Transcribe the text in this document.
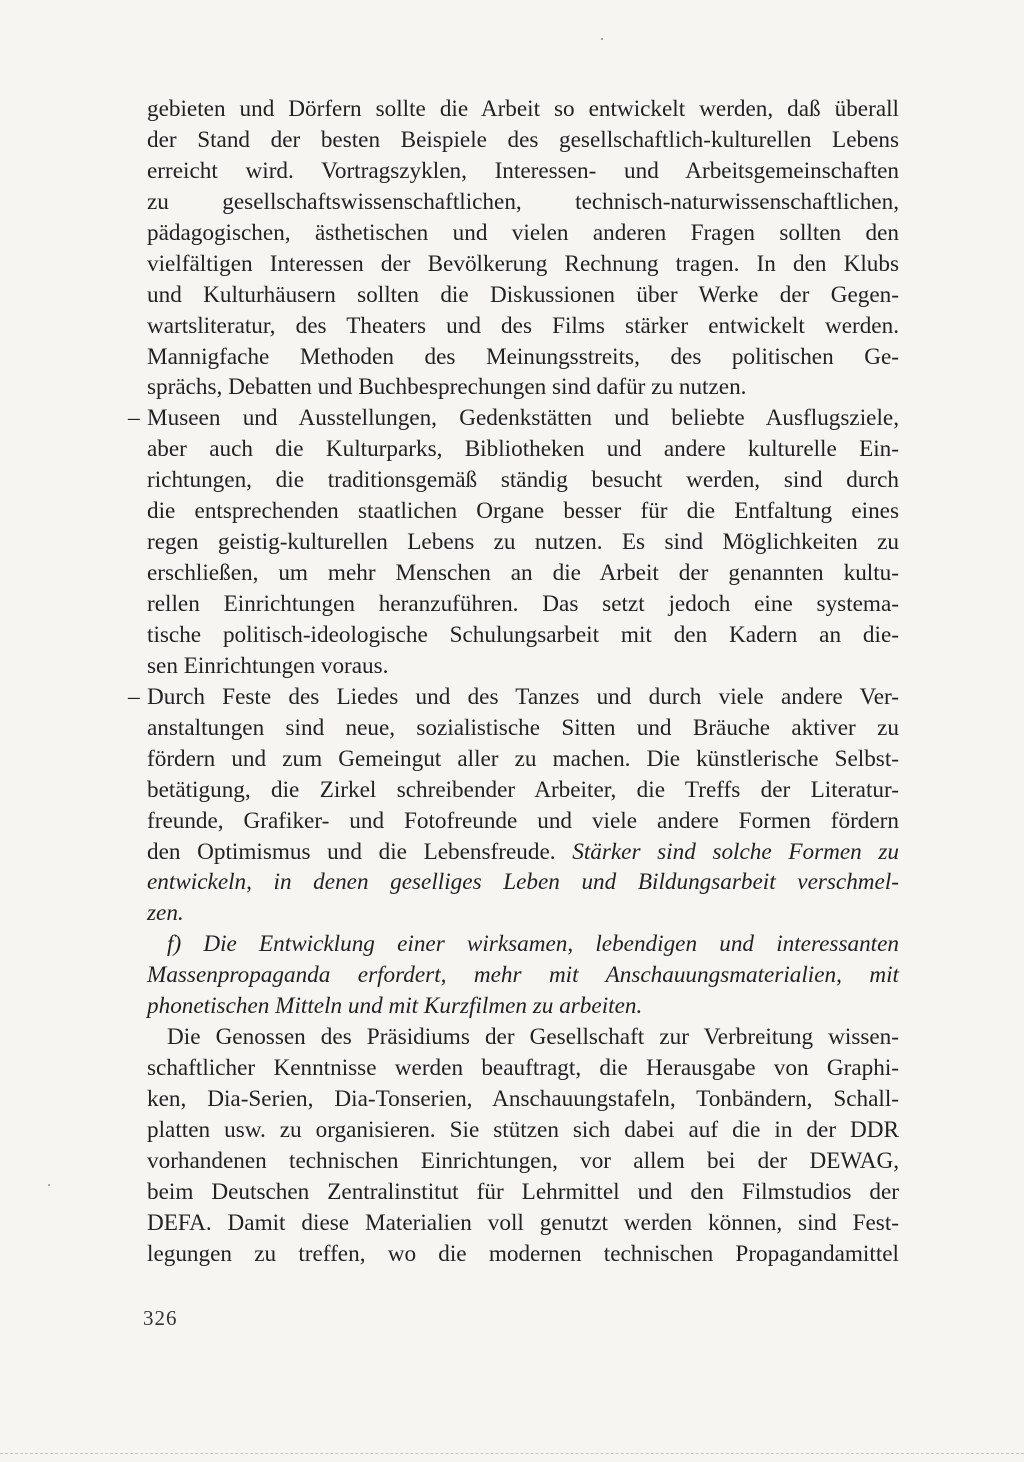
gebieten und Dörfern sollte die Arbeit so entwickelt werden, daß überall
der Stand der besten Beispiele des gesellschaftlich-kulturellen Lebens
erreicht wird. Vortragszyklen, Interessen- und Arbeitsgemeinschaften
zu gesellschaftswissenschaftlichen, technisch-naturwissenschaftlichen,
pädagogischen, ästhetischen und vielen anderen Fragen sollten den
vielfältigen Interessen der Bevölkerung Rechnung tragen. In den Klubs
und Kulturhäusern sollten die Diskussionen über Werke der Gegen-
wartsliteratur, des Theaters und des Films stärker entwickelt werden.
Mannigfache Methoden des Meinungsstreits, des politischen Ge-
sprächs, Debatten und Buchbesprechungen sind dafür zu nutzen.
– Museen und Ausstellungen, Gedenkstätten und beliebte Ausflugsziele,
aber auch die Kulturparks, Bibliotheken und andere kulturelle Ein-
richtungen, die traditionsgemäß ständig besucht werden, sind durch
die entsprechenden staatlichen Organe besser für die Entfaltung eines
regen geistig-kulturellen Lebens zu nutzen. Es sind Möglichkeiten zu
erschließen, um mehr Menschen an die Arbeit der genannten kultu-
rellen Einrichtungen heranzuführen. Das setzt jedoch eine systema-
tische politisch-ideologische Schulungsarbeit mit den Kadern an die-
sen Einrichtungen voraus.
– Durch Feste des Liedes und des Tanzes und durch viele andere Ver-
anstaltungen sind neue, sozialistische Sitten und Bräuche aktiver zu
fördern und zum Gemeingut aller zu machen. Die künstlerische Selbst-
betätigung, die Zirkel schreibender Arbeiter, die Treffs der Literatur-
freunde, Grafiker- und Fotofreunde und viele andere Formen fördern
den Optimismus und die Lebensfreude. Stärker sind solche Formen zu
entwickeln, in denen geselliges Leben und Bildungsarbeit verschmel-
zen.
f) Die Entwicklung einer wirksamen, lebendigen und interessanten
Massenpropaganda erfordert, mehr mit Anschauungsmaterialien, mit
phonetischen Mitteln und mit Kurzfilmen zu arbeiten.
Die Genossen des Präsidiums der Gesellschaft zur Verbreitung wissen-
schaftlicher Kenntnisse werden beauftragt, die Herausgabe von Graphi-
ken, Dia-Serien, Dia-Tonserien, Anschauungstafeln, Tonbändern, Schall-
platten usw. zu organisieren. Sie stützen sich dabei auf die in der DDR
vorhandenen technischen Einrichtungen, vor allem bei der DEWAG,
beim Deutschen Zentralinstitut für Lehrmittel und den Filmstudios der
DEFA. Damit diese Materialien voll genutzt werden können, sind Fest-
legungen zu treffen, wo die modernen technischen Propagandamittel
326
